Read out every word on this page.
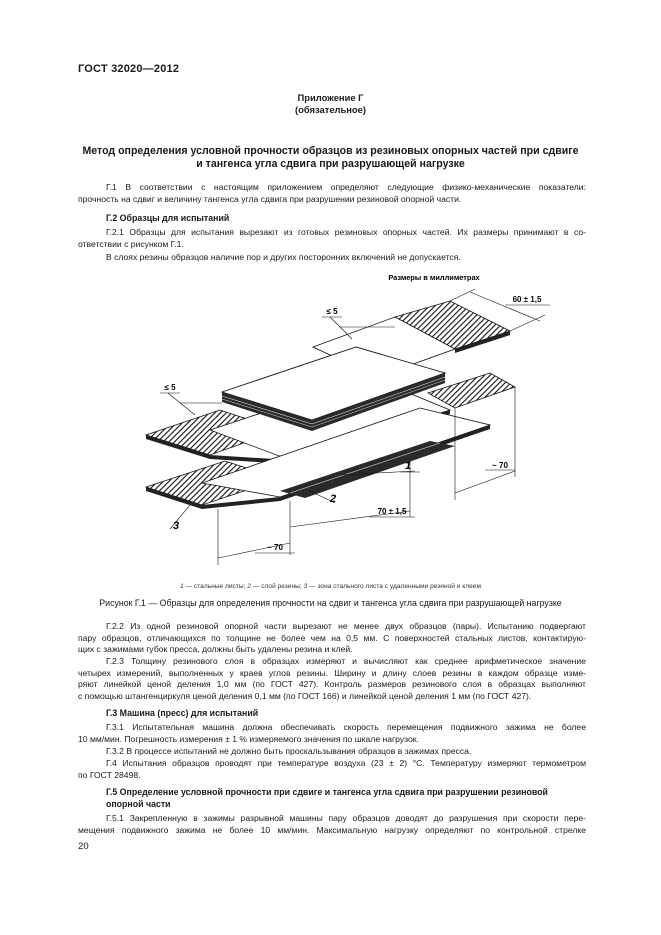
ГОСТ 32020—2012
Приложение Г
(обязательное)
Метод определения условной прочности образцов из резиновых опорных частей при сдвиге
и тангенса угла сдвига при разрушающей нагрузке
Г.1 В соответствии с настоящим приложением определяют следующие физико-механические показатели:
прочность на сдвиг и величину тангенса угла сдвига при разрушении резиновой опорной части.
Г.2 Образцы для испытаний
Г.2.1 Образцы для испытания вырезают из готовых резиновых опорных частей. Их размеры принимают в со-
ответствии с рисунком Г.1.
В слоях резины образцов наличие пор и других посторонних включений не допускается.
Размеры в миллиметрах
60 ± 1,5
≤ 5
≤ 5
~ 70
70 ± 1,5
~ 70
1
2
3
1 — стальные листы; 2 — слой резины; 3 — зона стального листа с удаленными резиной и клеем
Рисунок Г.1 — Образцы для определения прочности на сдвиг и тангенса угла сдвига при разрушающей нагрузке
Г.2.2 Из одной резиновой опорной части вырезают не менее двух образцов (пары). Испытанию подвергают
пару образцов, отличающихся по толщине не более чем на 0,5 мм. С поверхностей стальных листов, контактирую-
щих с зажимами губок пресса, должны быть удалены резина и клей.
Г.2.3 Толщину резинового слоя в образцах измеряют и вычисляют как среднее арифметическое значение
четырех измерений, выполненных у краев углов резины. Ширину и длину слоев резины в каждом образце изме-
ряют линейкой ценой деления 1,0 мм (по ГОСТ 427). Контроль размеров резинового слоя в образцах выполняют
с помощью штангенциркуля ценой деления 0,1 мм (по ГОСТ 166) и линейкой ценой деления 1 мм (по ГОСТ 427).
Г.3 Машина (пресс) для испытаний
Г.3.1 Испытательная машина должна обеспечивать скорость перемещения подвижного зажима не более
10 мм/мин. Погрешность измерения ± 1 % измеряемого значения по шкале нагрузок.
Г.3.2 В процессе испытаний не должно быть проскальзывания образцов в зажимах пресса.
Г.4 Испытания образцов проводят при температуре воздуха (23 ± 2) °С. Температуру измеряют термометром
по ГОСТ 28498.
Г.5 Определение условной прочности при сдвиге и тангенса угла сдвига при разрушении резиновой
опорной части
Г.5.1 Закрепленную в зажимы разрывной машины пару образцов доводят до разрушения при скорости пере-
мещения подвижного зажима не более 10 мм/мин. Максимальную нагрузку определяют по контрольной стрелке
20
